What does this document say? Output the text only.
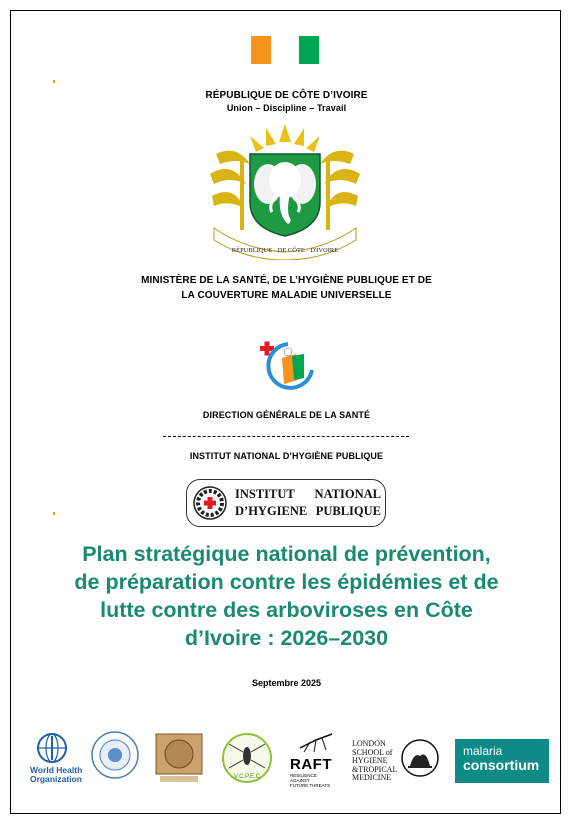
RÉPUBLIQUE DE CÔTE D’IVOIRE
Union – Discipline – Travail
RÉPUBLIQUE · DE CÔTE · D'IVOIRE
MINISTÈRE DE LA SANTÉ, DE L’HYGIÈNE PUBLIQUE ET DE
LA COUVERTURE MALADIE UNIVERSELLE
DIRECTION GÉNÉRALE DE LA SANTÉ
INSTITUT NATIONAL D’HYGIÈNE PUBLIQUE
INSTITUT NATIONAL
D’HYGIENE PUBLIQUE
Plan stratégique national de prévention,
de préparation contre les épidémies et de
lutte contre des arboviroses en Côte
d’Ivoire : 2026–2030
Septembre 2025
World Health
Organization	V.C.P.E.C
RAFT
RESILIENCE AGAINST
FUTURE THREATS
LONDON
SCHOOL of
HYGIENE
&TROPICAL
MEDICINE
malaria
consortium
